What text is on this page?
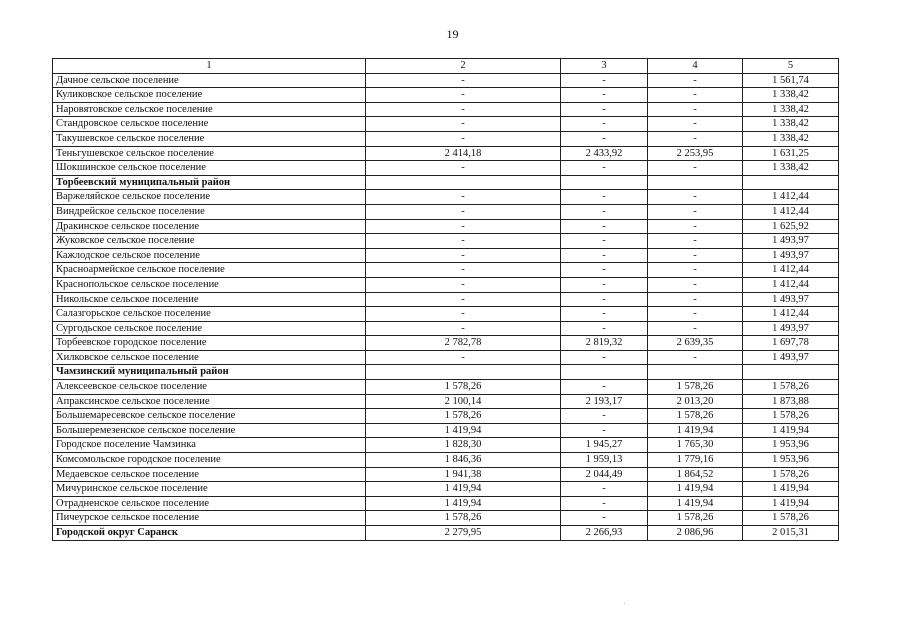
19
1	2	3	4	5
Дачное сельское поселение	-	-	-	1 561,74
Куликовское сельское поселение	-	-	-	1 338,42
Наровятовское сельское поселение	-	-	-	1 338,42
Стандровское сельское поселение	-	-	-	1 338,42
Такушевское сельское поселение	-	-	-	1 338,42
Теньгушевское сельское поселение	2 414,18	2 433,92	2 253,95	1 631,25
Шокшинское сельское поселение	-	-	-	1 338,42
Торбеевский муниципальный район				
Варжеляйское сельское поселение	-	-	-	1 412,44
Виндрейское сельское поселение	-	-	-	1 412,44
Дракинское сельское поселение	-	-	-	1 625,92
Жуковское сельское поселение	-	-	-	1 493,97
Кажлодское сельское поселение	-	-	-	1 493,97
Красноармейское сельское поселение	-	-	-	1 412,44
Краснопольское сельское поселение	-	-	-	1 412,44
Никольское сельское поселение	-	-	-	1 493,97
Салазгорьское сельское поселение	-	-	-	1 412,44
Сургодьское сельское поселение	-	-	-	1 493,97
Торбеевское городское поселение	2 782,78	2 819,32	2 639,35	1 697,78
Хилковское сельское поселение	-	-	-	1 493,97
Чамзинский муниципальный район				
Алексеевское сельское поселение	1 578,26	-	1 578,26	1 578,26
Апраксинское сельское поселение	2 100,14	2 193,17	2 013,20	1 873,88
Большемаресевское сельское поселение	1 578,26	-	1 578,26	1 578,26
Большеремезенское сельское поселение	1 419,94	-	1 419,94	1 419,94
Городское поселение Чамзинка	1 828,30	1 945,27	1 765,30	1 953,96
Комсомольское городское поселение	1 846,36	1 959,13	1 779,16	1 953,96
Медаевское сельское поселение	1 941,38	2 044,49	1 864,52	1 578,26
Мичуринское сельское поселение	1 419,94	-	1 419,94	1 419,94
Отрадненское сельское поселение	1 419,94	-	1 419,94	1 419,94
Пичеурское сельское поселение	1 578,26	-	1 578,26	1 578,26
Городской округ Саранск	2 279,95	2 266,93	2 086,96	2 015,31
